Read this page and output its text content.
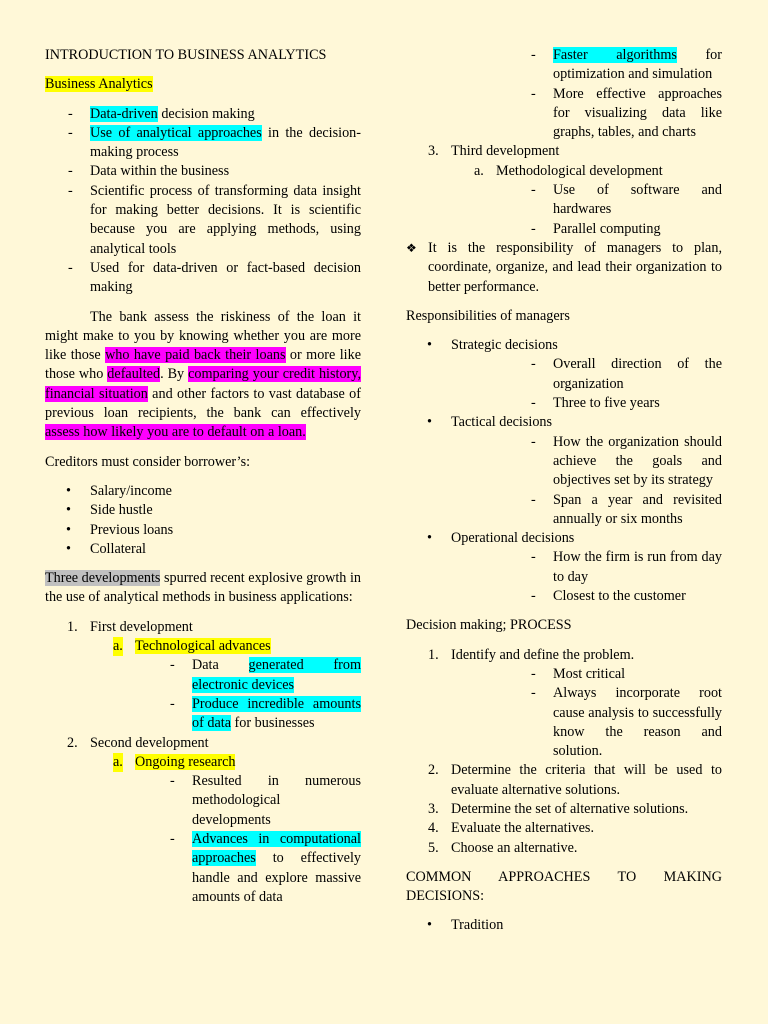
INTRODUCTION TO BUSINESS ANALYTICS

Business Analytics

- Data-driven decision making
- Use of analytical approaches in the decision-making process
- Data within the business
- Scientific process of transforming data insight for making better decisions. It is scientific because you are applying methods, using analytical tools
- Used for data-driven or fact-based decision making

The bank assess the riskiness of the loan it might make to you by knowing whether you are more like those who have paid back their loans or more like those who defaulted. By comparing your credit history, financial situation and other factors to vast database of previous loan recipients, the bank can effectively assess how likely you are to default on a loan.

Creditors must consider borrower’s:

• Salary/income
• Side hustle
• Previous loans
• Collateral

Three developments spurred recent explosive growth in the use of analytical methods in business applications:

1. First development
a. Technological advances
- Data generated from electronic devices
- Produce incredible amounts of data for businesses
2. Second development
a. Ongoing research
- Resulted in numerous methodological developments
- Advances in computational approaches to effectively handle and explore massive amounts of data
- Faster algorithms for optimization and simulation
- More effective approaches for visualizing data like graphs, tables, and charts
3. Third development
a. Methodological development
- Use of software and hardwares
- Parallel computing
❖ It is the responsibility of managers to plan, coordinate, organize, and lead their organization to better performance.

Responsibilities of managers

• Strategic decisions
- Overall direction of the organization
- Three to five years
• Tactical decisions
- How the organization should achieve the goals and objectives set by its strategy
- Span a year and revisited annually or six months
• Operational decisions
- How the firm is run from day to day
- Closest to the customer

Decision making; PROCESS

1. Identify and define the problem.
- Most critical
- Always incorporate root cause analysis to successfully know the reason and solution.
2. Determine the criteria that will be used to evaluate alternative solutions.
3. Determine the set of alternative solutions.
4. Evaluate the alternatives.
5. Choose an alternative.

COMMON APPROACHES TO MAKING DECISIONS:

• Tradition
